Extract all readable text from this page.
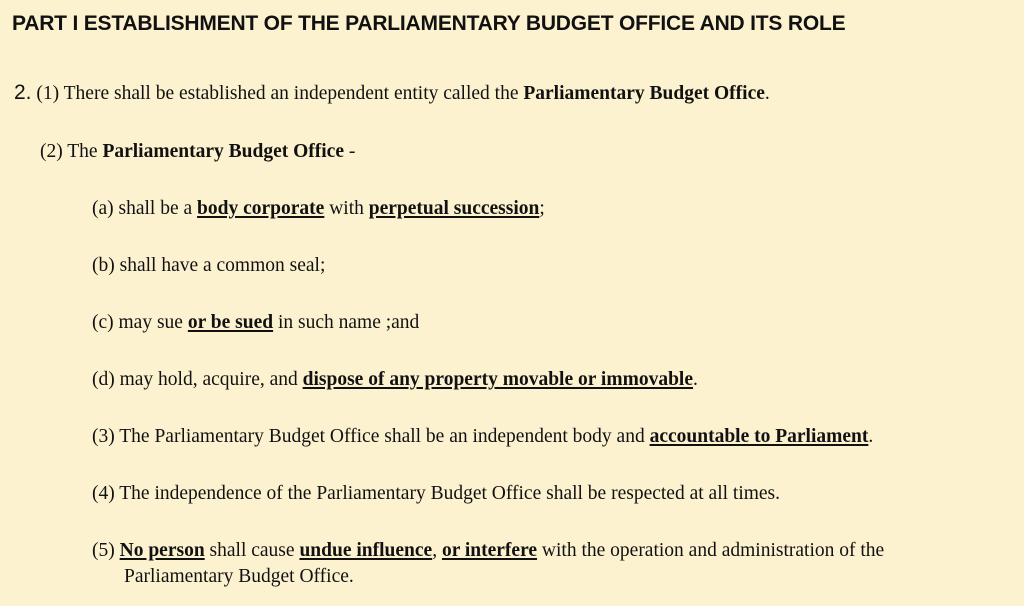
PART I ESTABLISHMENT OF THE PARLIAMENTARY BUDGET OFFICE AND ITS ROLE
2. (1) There shall be established an independent entity called the Parliamentary Budget Office.
(2) The Parliamentary Budget Office -
(a) shall be a body corporate with perpetual succession;
(b) shall have a common seal;
(c) may sue or be sued in such name ;and
(d) may hold, acquire, and dispose of any property movable or immovable.
(3) The Parliamentary Budget Office shall be an independent body and accountable to Parliament.
(4) The independence of the Parliamentary Budget Office shall be respected at all times.
(5) No person shall cause undue influence, or interfere with the operation and administration of the
Parliamentary Budget Office.
